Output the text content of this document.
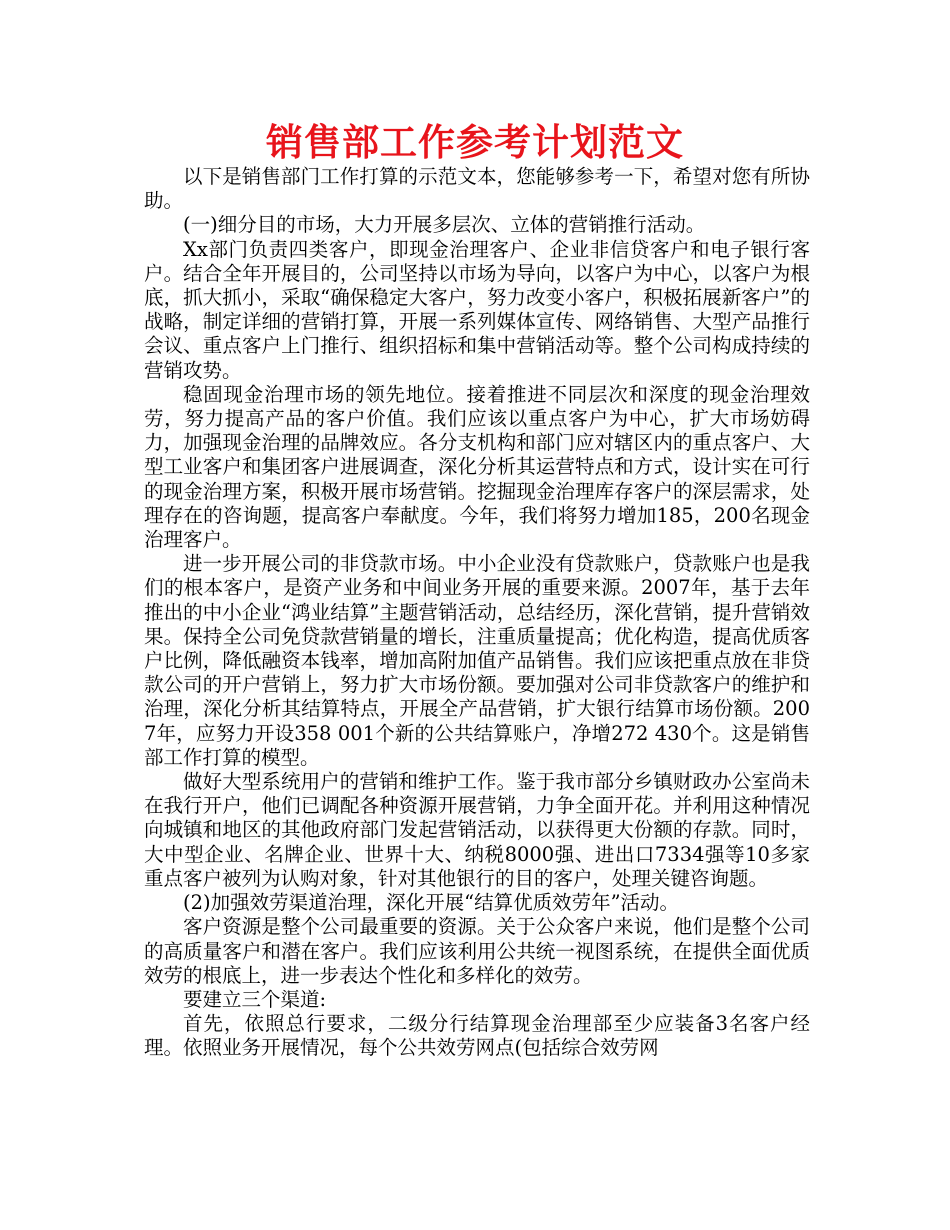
销售部工作参考计划范文

以下是销售部门工作打算的示范文本，您能够参考一下，希望对您有所协助。

(一)细分目的市场，大力开展多层次、立体的营销推行活动。

Xx部门负责四类客户，即现金治理客户、企业非信贷客户和电子银行客户。结合全年开展目的，公司坚持以市场为导向，以客户为中心，以客户为根底，抓大抓小，采取“确保稳定大客户，努力改变小客户，积极拓展新客户”的战略，制定详细的营销打算，开展一系列媒体宣传、网络销售、大型产品推行会议、重点客户上门推行、组织招标和集中营销活动等。整个公司构成持续的营销攻势。

稳固现金治理市场的领先地位。接着推进不同层次和深度的现金治理效劳，努力提高产品的客户价值。我们应该以重点客户为中心，扩大市场妨碍力，加强现金治理的品牌效应。各分支机构和部门应对辖区内的重点客户、大型工业客户和集团客户进展调查，深化分析其运营特点和方式，设计实在可行的现金治理方案，积极开展市场营销。挖掘现金治理库存客户的深层需求，处理存在的咨询题，提高客户奉献度。今年，我们将努力增加185，200名现金治理客户。

进一步开展公司的非贷款市场。中小企业没有贷款账户，贷款账户也是我们的根本客户，是资产业务和中间业务开展的重要来源。2007年，基于去年推出的中小企业“鸿业结算”主题营销活动，总结经历，深化营销，提升营销效果。保持全公司免贷款营销量的增长，注重质量提高；优化构造，提高优质客户比例，降低融资本钱率，增加高附加值产品销售。我们应该把重点放在非贷款公司的开户营销上，努力扩大市场份额。要加强对公司非贷款客户的维护和治理，深化分析其结算特点，开展全产品营销，扩大银行结算市场份额。2007年，应努力开设358 001个新的公共结算账户，净增272 430个。这是销售部工作打算的模型。

做好大型系统用户的营销和维护工作。鉴于我市部分乡镇财政办公室尚未在我行开户，他们已调配各种资源开展营销，力争全面开花。并利用这种情况向城镇和地区的其他政府部门发起营销活动，以获得更大份额的存款。同时，大中型企业、名牌企业、世界十大、纳税8000强、进出口7334强等10多家重点客户被列为认购对象，针对其他银行的目的客户，处理关键咨询题。

(2)加强效劳渠道治理，深化开展“结算优质效劳年”活动。

客户资源是整个公司最重要的资源。关于公众客户来说，他们是整个公司的高质量客户和潜在客户。我们应该利用公共统一视图系统，在提供全面优质效劳的根底上，进一步表达个性化和多样化的效劳。

要建立三个渠道:

首先，依照总行要求，二级分行结算现金治理部至少应装备3名客户经理。依照业务开展情况，每个公共效劳网点(包括综合效劳网
